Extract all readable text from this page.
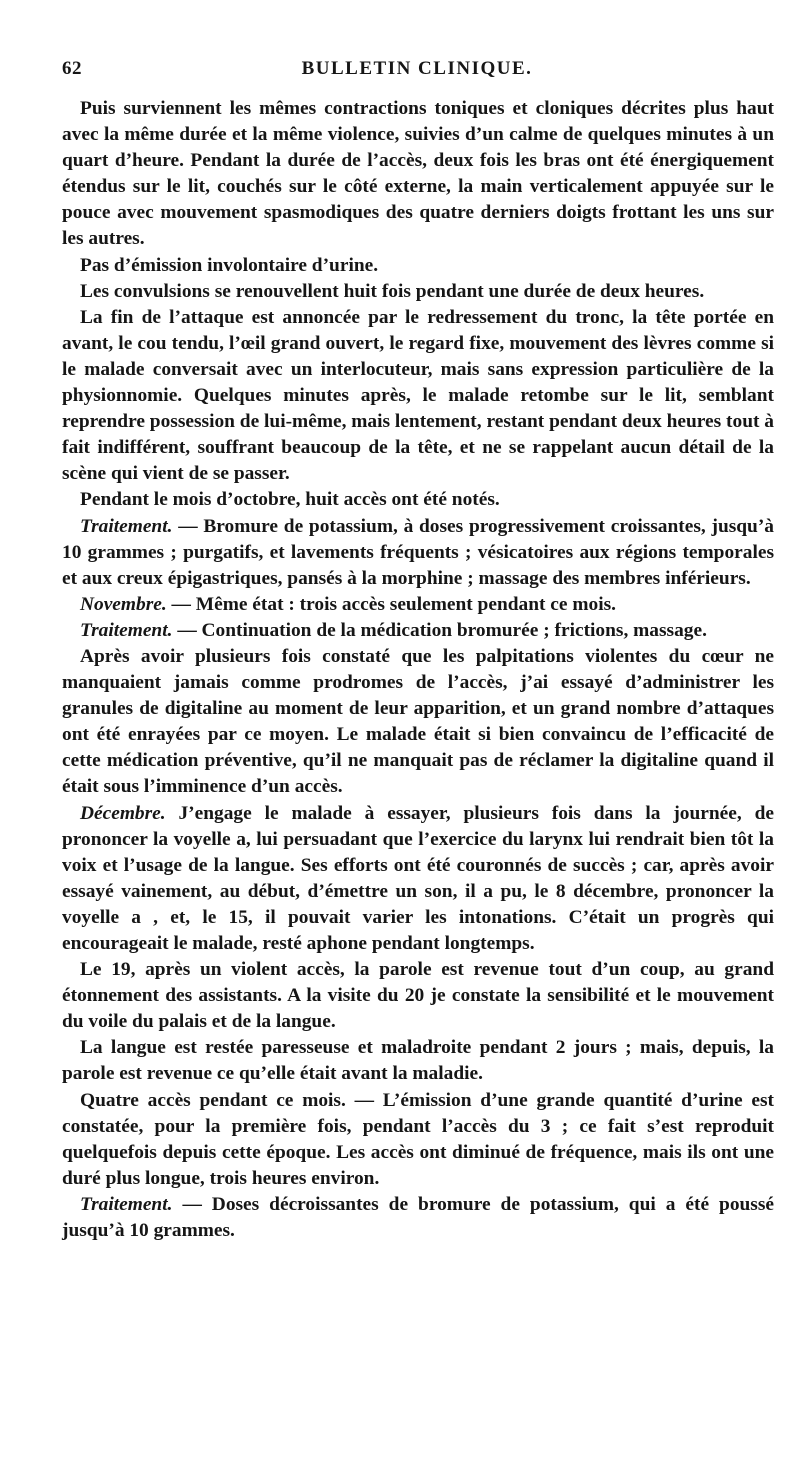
62	BULLETIN CLINIQUE.

Puis surviennent les mêmes contractions toniques et cloniques décrites plus haut avec la même durée et la même violence, suivies d’un calme de quelques minutes à un quart d’heure. Pendant la durée de l’accès, deux fois les bras ont été énergiquement étendus sur le lit, couchés sur le côté externe, la main verticalement appuyée sur le pouce avec mouvement spasmodiques des quatre derniers doigts frottant les uns sur les autres.

Pas d’émission involontaire d’urine.

Les convulsions se renouvellent huit fois pendant une durée de deux heures.

La fin de l’attaque est annoncée par le redressement du tronc, la tête portée en avant, le cou tendu, l’œil grand ouvert, le regard fixe, mouvement des lèvres comme si le malade conversait avec un interlocuteur, mais sans expression particulière de la physionnomie. Quelques minutes après, le malade retombe sur le lit, semblant reprendre possession de lui-même, mais lentement, restant pendant deux heures tout à fait indifférent, souffrant beaucoup de la tête, et ne se rappelant aucun détail de la scène qui vient de se passer.

Pendant le mois d’octobre, huit accès ont été notés.

Traitement. — Bromure de potassium, à doses progressivement croissantes, jusqu’à 10 grammes ; purgatifs, et lavements fréquents ; vésicatoires aux régions temporales et aux creux épigastriques, pansés à la morphine ; massage des membres inférieurs.

Novembre. — Même état : trois accès seulement pendant ce mois.

Traitement. — Continuation de la médication bromurée ; frictions, massage.

Après avoir plusieurs fois constaté que les palpitations violentes du cœur ne manquaient jamais comme prodromes de l’accès, j’ai essayé d’administrer les granules de digitaline au moment de leur apparition, et un grand nombre d’attaques ont été enrayées par ce moyen. Le malade était si bien convaincu de l’efficacité de cette médication préventive, qu’il ne manquait pas de réclamer la digitaline quand il était sous l’imminence d’un accès.

Décembre. J’engage le malade à essayer, plusieurs fois dans la journée, de prononcer la voyelle a, lui persuadant que l’exercice du larynx lui rendrait bien tôt la voix et l’usage de la langue. Ses efforts ont été couronnés de succès ; car, après avoir essayé vainement, au début, d’émettre un son, il a pu, le 8 décembre, prononcer la voyelle a , et, le 15, il pouvait varier les intonations. C’était un progrès qui encourageait le malade, resté aphone pendant longtemps.

Le 19, après un violent accès, la parole est revenue tout d’un coup, au grand étonnement des assistants. A la visite du 20 je constate la sensibilité et le mouvement du voile du palais et de la langue.

La langue est restée paresseuse et maladroite pendant 2 jours ; mais, depuis, la parole est revenue ce qu’elle était avant la maladie.

Quatre accès pendant ce mois. — L’émission d’une grande quantité d’urine est constatée, pour la première fois, pendant l’accès du 3 ; ce fait s’est reproduit quelquefois depuis cette époque. Les accès ont diminué de fréquence, mais ils ont une duré plus longue, trois heures environ.

Traitement. — Doses décroissantes de bromure de potassium, qui a été poussé jusqu’à 10 grammes.
